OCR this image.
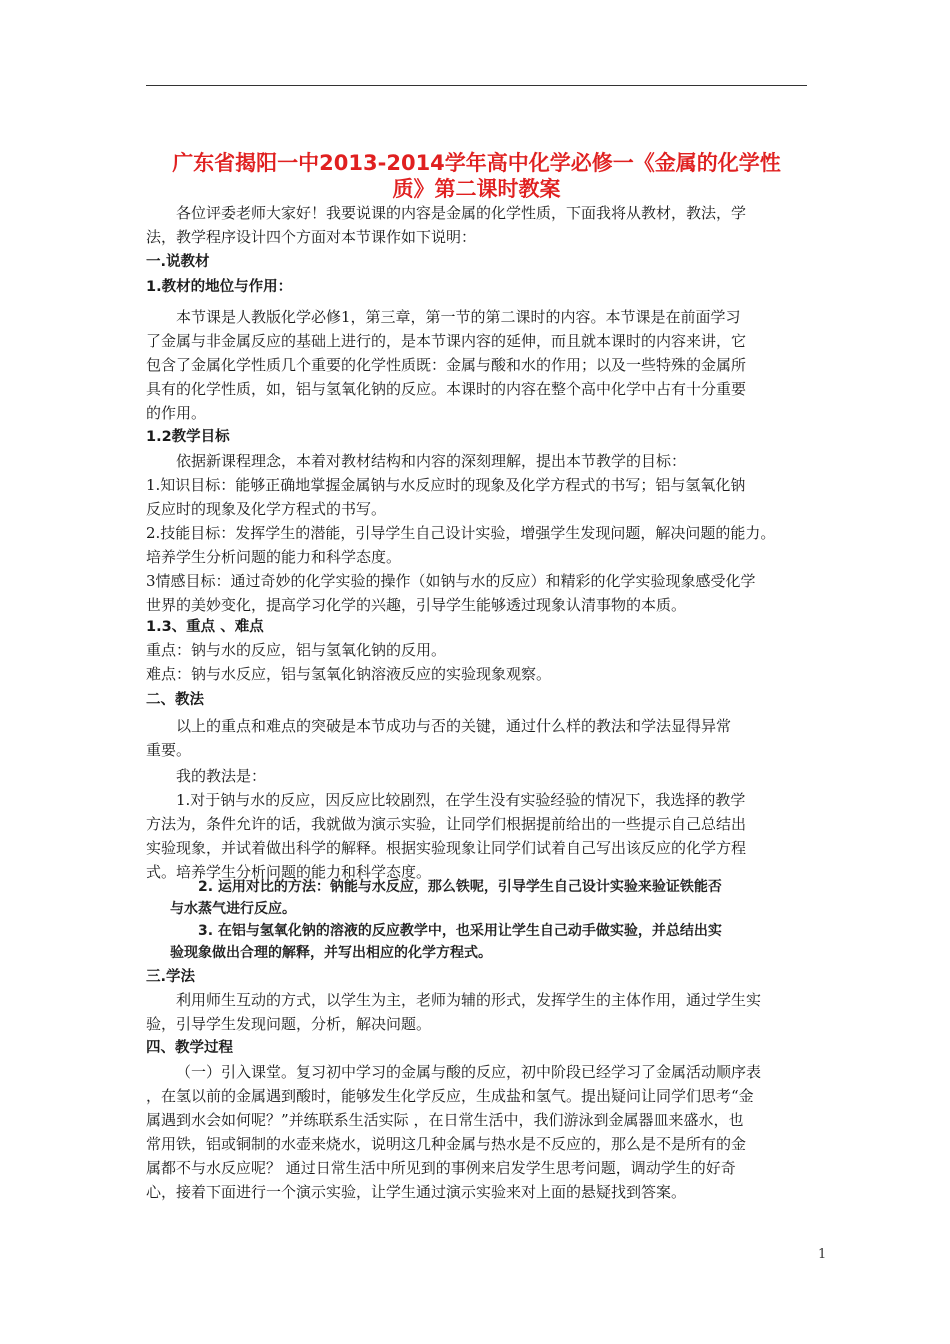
广东省揭阳一中2013-2014学年高中化学必修一《金属的化学性
质》第二课时教案

各位评委老师大家好！我要说课的内容是金属的化学性质，下面我将从教材，教法，学

法，教学程序设计四个方面对本节课作如下说明：

一.说教材

1.教材的地位与作用：

本节课是人教版化学必修1，第三章，第一节的第二课时的内容。本节课是在前面学习

了金属与非金属反应的基础上进行的，是本节课内容的延伸，而且就本课时的内容来讲，它

包含了金属化学性质几个重要的化学性质既：金属与酸和水的作用；以及一些特殊的金属所

具有的化学性质，如，铝与氢氧化钠的反应。本课时的内容在整个高中化学中占有十分重要

的作用。

1.2教学目标

依据新课程理念，本着对教材结构和内容的深刻理解，提出本节教学的目标：

1.知识目标：能够正确地掌握金属钠与水反应时的现象及化学方程式的书写；铝与氢氧化钠

反应时的现象及化学方程式的书写。

2.技能目标：发挥学生的潜能，引导学生自己设计实验，增强学生发现问题，解决问题的能力。

培养学生分析问题的能力和科学态度。

3情感目标：通过奇妙的化学实验的操作（如钠与水的反应）和精彩的化学实验现象感受化学

世界的美妙变化，提高学习化学的兴趣，引导学生能够透过现象认清事物的本质。

1.3、重点 、难点

重点：钠与水的反应，铝与氢氧化钠的反用。

难点：钠与水反应，铝与氢氧化钠溶液反应的实验现象观察。

二、教法

以上的重点和难点的突破是本节成功与否的关键，通过什么样的教法和学法显得异常

重要。

我的教法是：

1.对于钠与水的反应，因反应比较剧烈，在学生没有实验经验的情况下，我选择的教学

方法为，条件允许的话，我就做为演示实验，让同学们根据提前给出的一些提示自己总结出

实验现象，并试着做出科学的解释。根据实验现象让同学们试着自己写出该反应的化学方程

式。培养学生分析问题的能力和科学态度。

2. 运用对比的方法：钠能与水反应，那么铁呢，引导学生自己设计实验来验证铁能否

与水蒸气进行反应。

3. 在铝与氢氧化钠的溶液的反应教学中，也采用让学生自己动手做实验，并总结出实

验现象做出合理的解释，并写出相应的化学方程式。

三.学法

利用师生互动的方式，以学生为主，老师为辅的形式，发挥学生的主体作用，通过学生实

验，引导学生发现问题，分析，解决问题。

四、教学过程

（一）引入课堂。复习初中学习的金属与酸的反应，初中阶段已经学习了金属活动顺序表

，在氢以前的金属遇到酸时，能够发生化学反应，生成盐和氢气。提出疑问让同学们思考“金

属遇到水会如何呢？”并练联系生活实际 ，在日常生活中，我们游泳到金属器皿来盛水，也

常用铁，铝或铜制的水壶来烧水，说明这几种金属与热水是不反应的，那么是不是所有的金

属都不与水反应呢？ 通过日常生活中所见到的事例来启发学生思考问题，调动学生的好奇

心，接着下面进行一个演示实验，让学生通过演示实验来对上面的悬疑找到答案。

1
